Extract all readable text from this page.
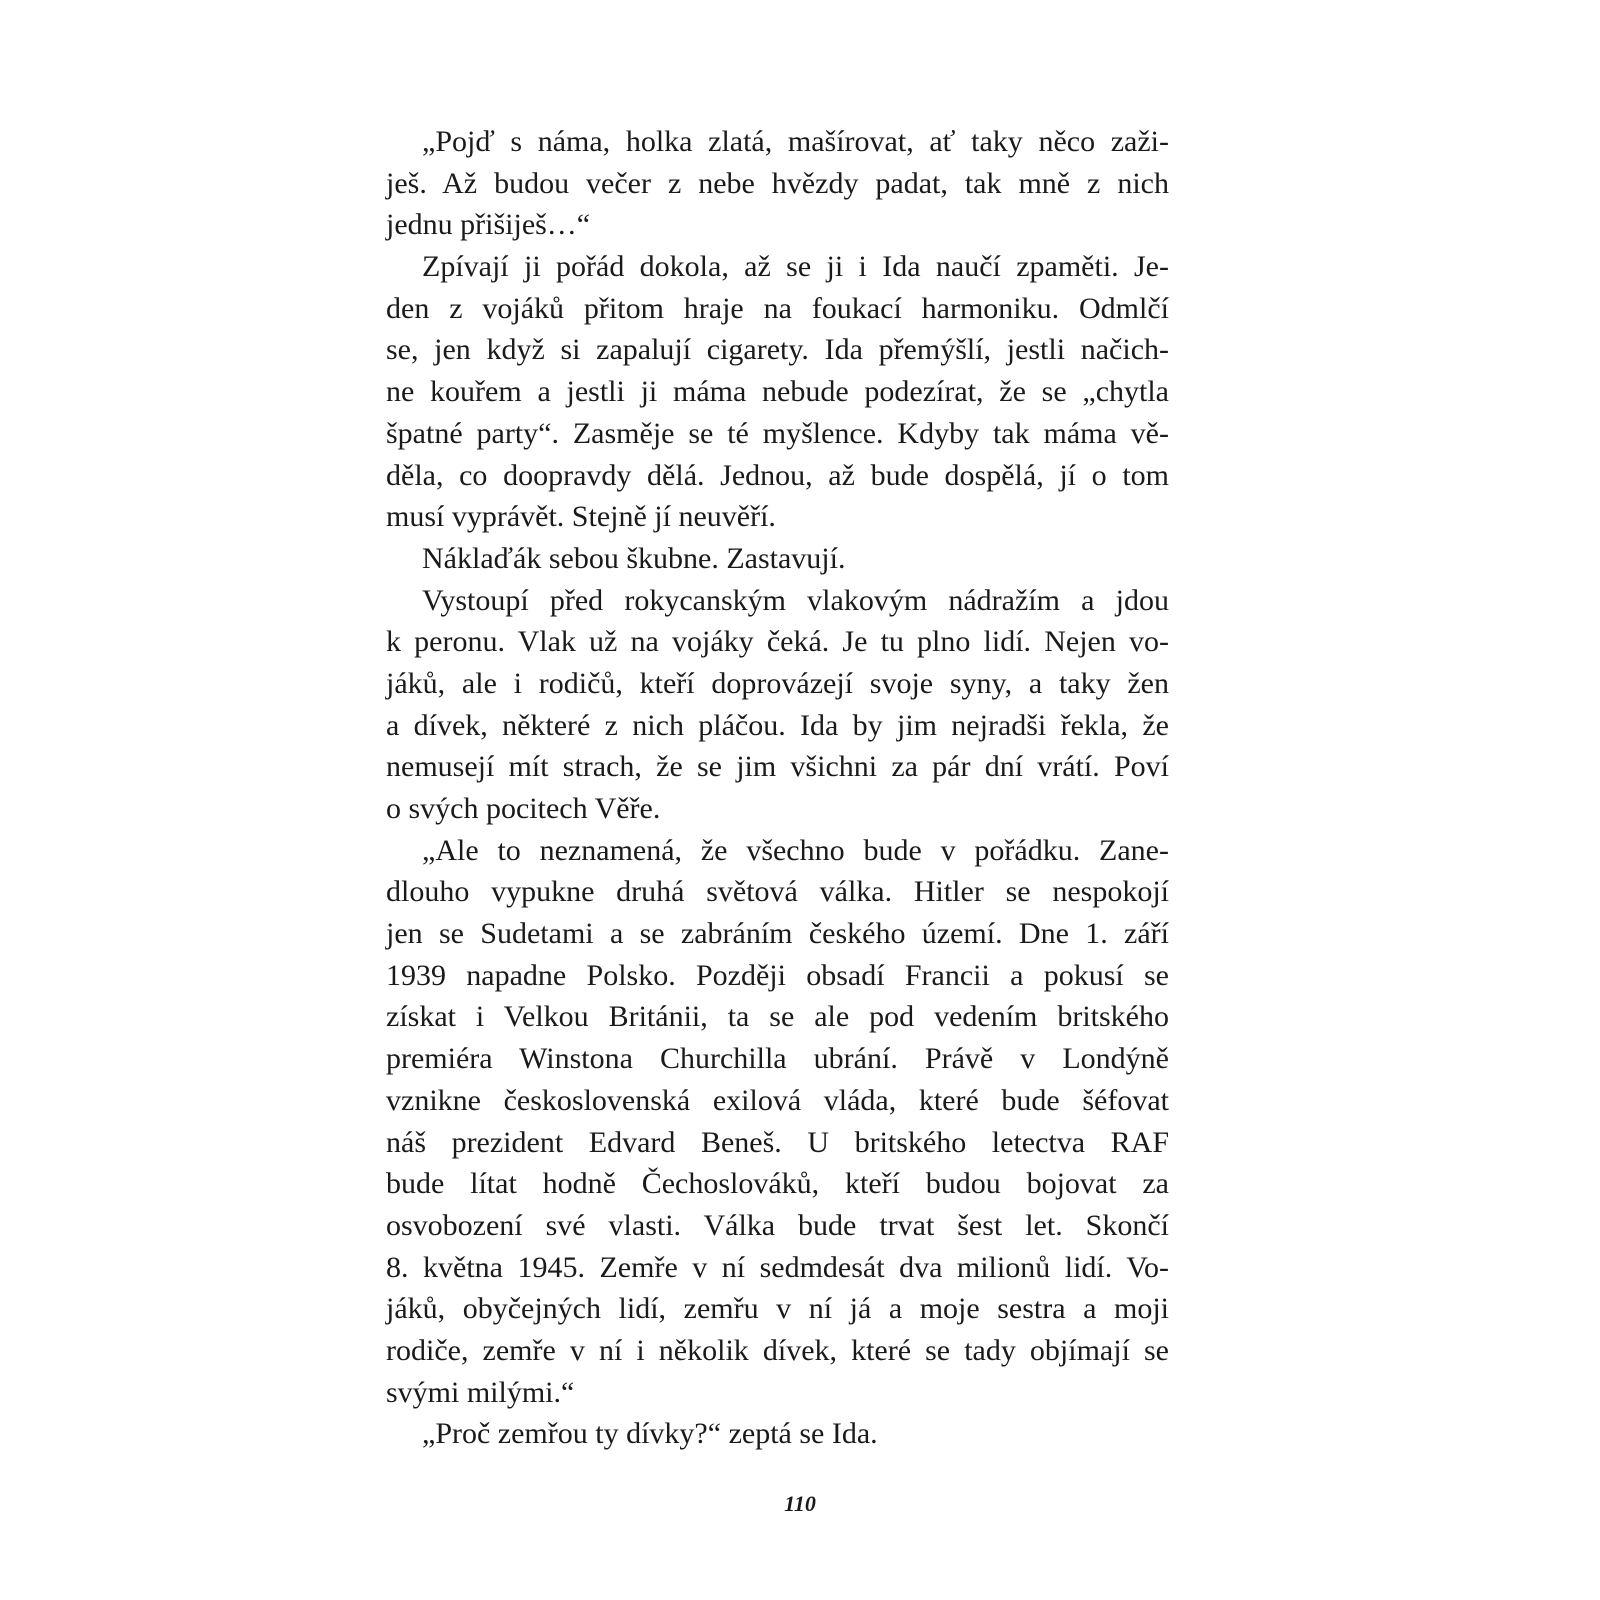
„Pojď s náma, holka zlatá, mašírovat, ať taky něco zaži-
ješ. Až budou večer z nebe hvězdy padat, tak mně z nich
jednu přišiješ…“
Zpívají ji pořád dokola, až se ji i Ida naučí zpaměti. Je-
den z vojáků přitom hraje na foukací harmoniku. Odmlčí
se, jen když si zapalují cigarety. Ida přemýšlí, jestli načich-
ne kouřem a jestli ji máma nebude podezírat, že se „chytla
špatné party“. Zasměje se té myšlence. Kdyby tak máma vě-
děla, co doopravdy dělá. Jednou, až bude dospělá, jí o tom
musí vyprávět. Stejně jí neuvěří.
Náklaďák sebou škubne. Zastavují.
Vystoupí před rokycanským vlakovým nádražím a jdou
k peronu. Vlak už na vojáky čeká. Je tu plno lidí. Nejen vo-
jáků, ale i rodičů, kteří doprovázejí svoje syny, a taky žen
a dívek, některé z nich pláčou. Ida by jim nejradši řekla, že
nemusejí mít strach, že se jim všichni za pár dní vrátí. Poví
o svých pocitech Věře.
„Ale to neznamená, že všechno bude v pořádku. Zane-
dlouho vypukne druhá světová válka. Hitler se nespokojí
jen se Sudetami a se zabráním českého území. Dne 1. září
1939 napadne Polsko. Později obsadí Francii a pokusí se
získat i Velkou Británii, ta se ale pod vedením britského
premiéra Winstona Churchilla ubrání. Právě v Londýně
vznikne československá exilová vláda, které bude šéfovat
náš prezident Edvard Beneš. U britského letectva RAF
bude lítat hodně Čechoslováků, kteří budou bojovat za
osvobození své vlasti. Válka bude trvat šest let. Skončí
8. května 1945. Zemře v ní sedmdesát dva milionů lidí. Vo-
jáků, obyčejných lidí, zemřu v ní já a moje sestra a moji
rodiče, zemře v ní i několik dívek, které se tady objímají se
svými milými.“
„Proč zemřou ty dívky?“ zeptá se Ida.
110
